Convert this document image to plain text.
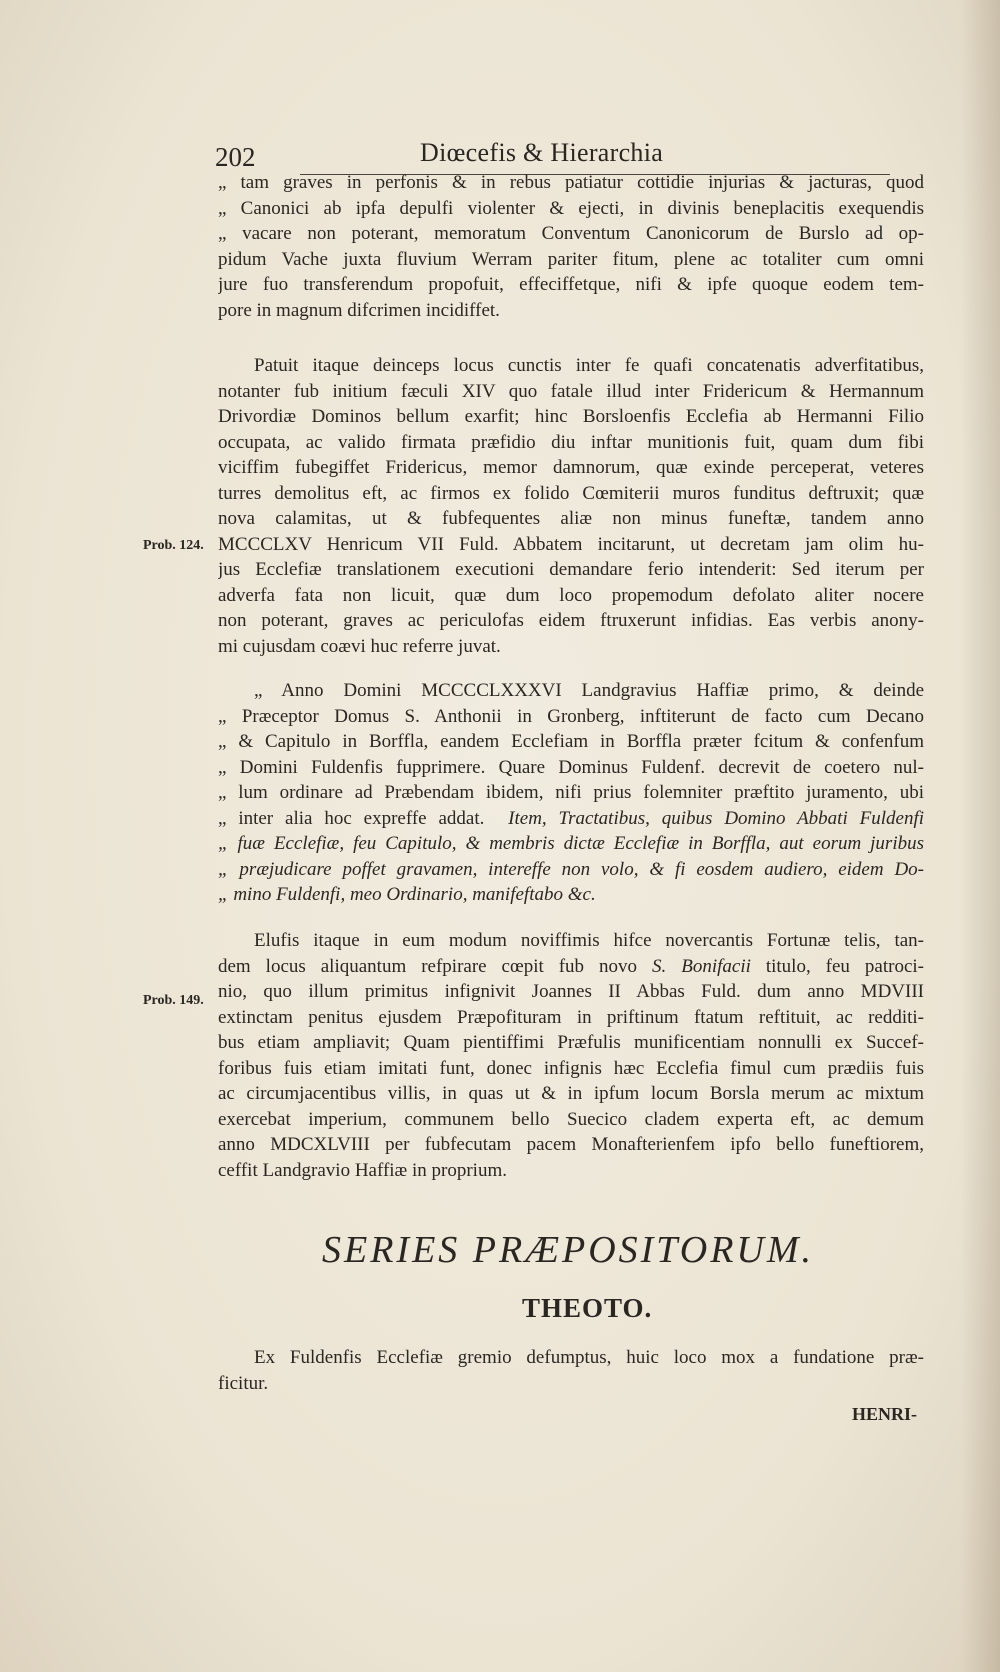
202	Diœcefis & Hierarchia
„ tam graves in perfonis & in rebus patiatur cottidie injurias & jacturas, quod
„ Canonici ab ipfa depulfi violenter & ejecti, in divinis beneplacitis exequendis
„ vacare non poterant, memoratum Conventum Canonicorum de Burslo ad op-
pidum Vache juxta fluvium Werram pariter fitum, plene ac totaliter cum omni
jure fuo transferendum propofuit, effeciffetque, nifi & ipfe quoque eodem tem-
pore in magnum difcrimen incidiffet.
Patuit itaque deinceps locus cunctis inter fe quafi concatenatis adverfitatibus,
notanter fub initium fæculi XIV quo fatale illud inter Fridericum & Hermannum
Drivordiæ Dominos bellum exarfit; hinc Borsloenfis Ecclefia ab Hermanni Filio
occupata, ac valido firmata præfidio diu inftar munitionis fuit, quam dum fibi
viciffim fubegiffet Fridericus, memor damnorum, quæ exinde perceperat, veteres
turres demolitus eft, ac firmos ex folido Cœmiterii muros funditus deftruxit; quæ
nova calamitas, ut & fubfequentes aliæ non minus funeftæ, tandem anno
MCCCLXV Henricum VII Fuld. Abbatem incitarunt, ut decretam jam olim hu-
jus Ecclefiæ translationem executioni demandare ferio intenderit: Sed iterum per
adverfa fata non licuit, quæ dum loco propemodum defolato aliter nocere
non poterant, graves ac periculofas eidem ftruxerunt infidias. Eas verbis anony-
mi cujusdam coævi huc referre juvat.
Prob. 124.
„ Anno Domini MCCCCLXXXVI Landgravius Haffiæ primo, & deinde
„ Præceptor Domus S. Anthonii in Gronberg, inftiterunt de facto cum Decano
„ & Capitulo in Borffla, eandem Ecclefiam in Borffla præter fcitum & confenfum
„ Domini Fuldenfis fupprimere. Quare Dominus Fuldenf. decrevit de coetero nul-
„ lum ordinare ad Præbendam ibidem, nifi prius folemniter præftito juramento, ubi
„ inter alia hoc expreffe addat. Item, Tractatibus, quibus Domino Abbati Fuldenfi
„ fuæ Ecclefiæ, feu Capitulo, & membris dictæ Ecclefiæ in Borffla, aut eorum juribus
„ præjudicare poffet gravamen, intereffe non volo, & fi eosdem audiero, eidem Do-
„ mino Fuldenfi, meo Ordinario, manifeftabo &c.
Elufis itaque in eum modum noviffimis hifce novercantis Fortunæ telis, tan-
dem locus aliquantum refpirare cœpit fub novo S. Bonifacii titulo, feu patroci-
nio, quo illum primitus infignivit Joannes II Abbas Fuld. dum anno MDVIII
extinctam penitus ejusdem Præpofituram in priftinum ftatum reftituit, ac redditi-
bus etiam ampliavit; Quam pientiffimi Præfulis munificentiam nonnulli ex Succef-
foribus fuis etiam imitati funt, donec infignis hæc Ecclefia fimul cum prædiis fuis
ac circumjacentibus villis, in quas ut & in ipfum locum Borsla merum ac mixtum
exercebat imperium, communem bello Suecico cladem experta eft, ac demum
anno MDCXLVIII per fubfecutam pacem Monafterienfem ipfo bello funeftiorem,
ceffit Landgravio Haffiæ in proprium.
Prob. 149.
SERIES PRÆPOSITORUM.
THEOTO.
Ex Fuldenfis Ecclefiæ gremio defumptus, huic loco mox a fundatione præ-
ficitur.
HENRI-
